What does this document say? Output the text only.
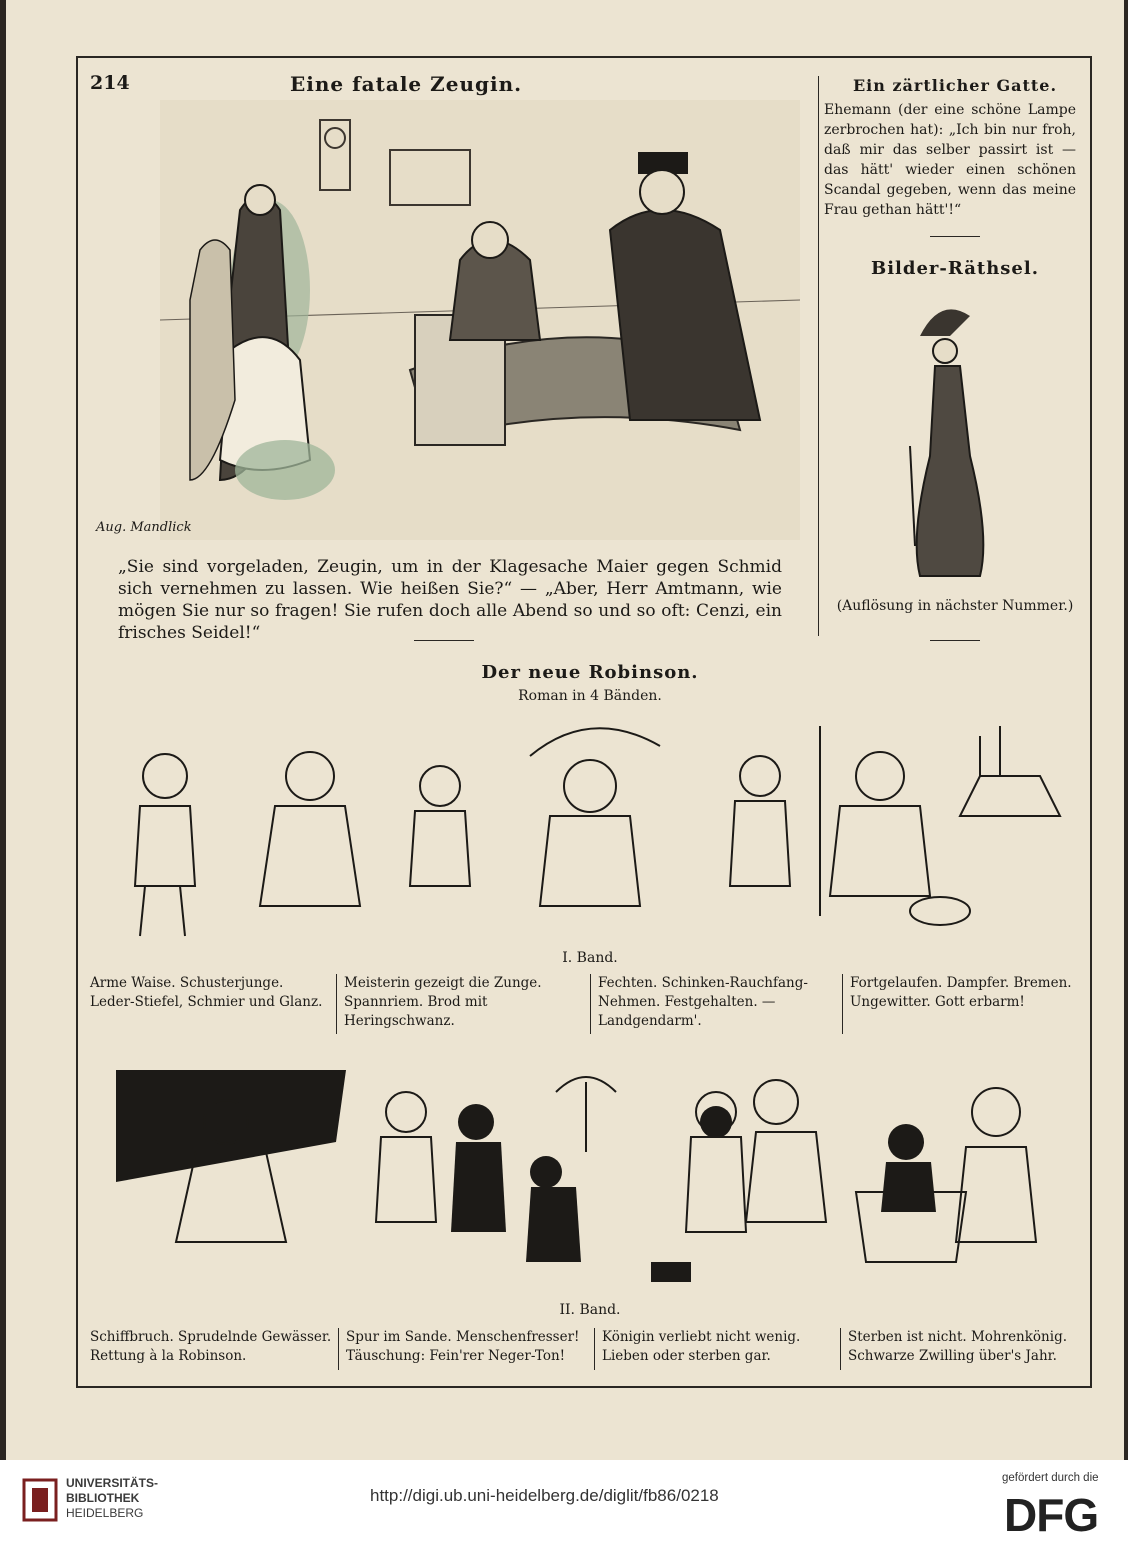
214	Eine fatale Zeugin.
Aug. Mandlick
„Sie sind vorgeladen, Zeugin, um in der Klagesache Maier gegen Schmid sich vernehmen zu lassen. Wie heißen Sie?“ — „Aber, Herr Amtmann, wie mögen Sie nur so fragen! Sie rufen doch alle Abend so und so oft: Cenzi, ein frisches Seidel!“
Ein zärtlicher Gatte.
Ehemann (der eine schöne Lampe zerbrochen hat): „Ich bin nur froh, daß mir das selber passirt ist — das hätt' wieder einen schönen Scandal gegeben, wenn das meine Frau gethan hätt'!“
Bilder-Räthsel.
(Auflösung in nächster Nummer.)
Der neue Robinson.
Roman in 4 Bänden.
I. Band.
Arme Waise. Schusterjunge. Leder-Stiefel, Schmier und Glanz.
Meisterin gezeigt die Zunge. Spannriem. Brod mit Heringschwanz.
Fechten. Schinken-Rauchfang-Nehmen. Festgehalten. — Landgendarm'.
Fortgelaufen. Dampfer. Bremen. Ungewitter. Gott erbarm!
II. Band.
Schiffbruch. Sprudelnde Gewässer. Rettung à la Robinson.
Spur im Sande. Menschenfresser! Täuschung: Fein'rer Neger-Ton!
Königin verliebt nicht wenig. Lieben oder sterben gar.
Sterben ist nicht. Mohrenkönig. Schwarze Zwilling über's Jahr.
UNIVERSITÄTS-
BIBLIOTHEK
HEIDELBERG
http://digi.ub.uni-heidelberg.de/diglit/fb86/0218
gefördert durch die
DFG
